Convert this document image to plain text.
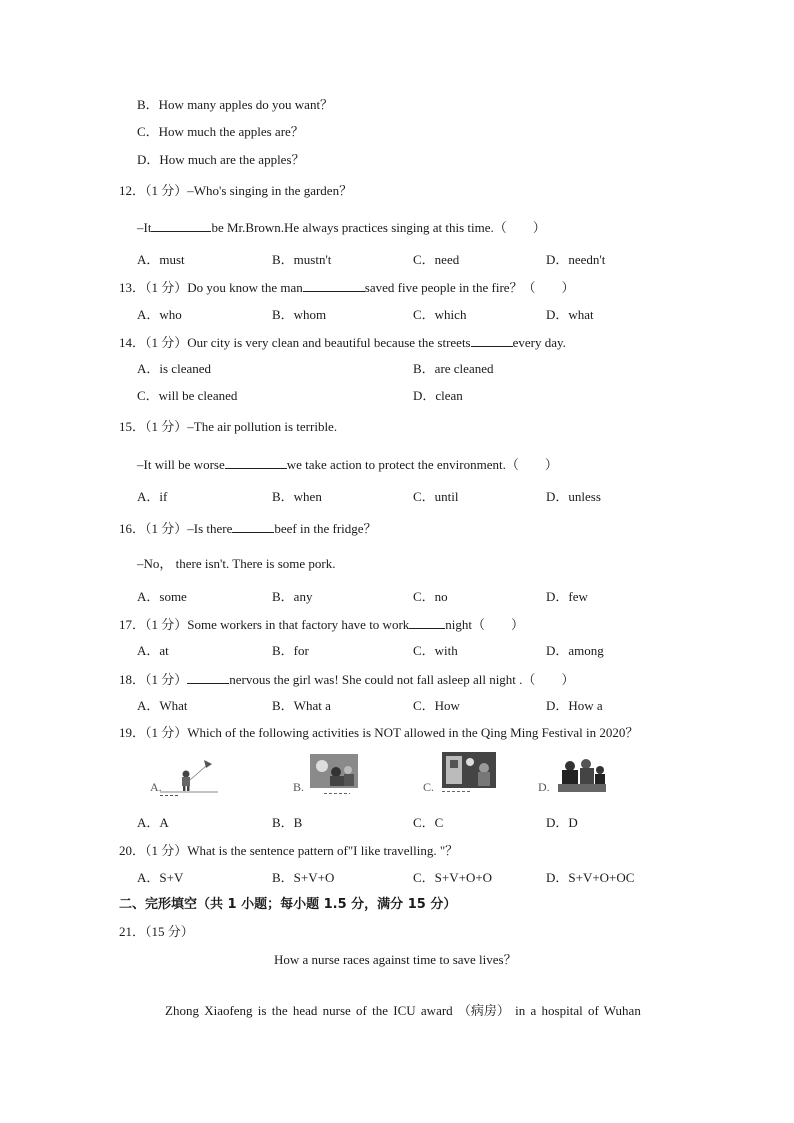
B．How many apples do you want？
C．How much the apples are？
D．How much are the apples？
12．（1 分）–Who's singing in the garden？
–It	be Mr.Brown.He always practices singing at this time.（　　）
A．must	B．mustn't	C．need	D．needn't
13．（1 分）Do you know the man	saved five people in the fire？（　　）
A．who	B．whom	C．which	D．what
14．（1 分）Our city is very clean and beautiful because the streets	every day.
A．is cleaned	B．are cleaned
C．will be cleaned	D．clean
15．（1 分）–The air pollution is terrible.
–It will be worse	we take action to protect the environment.（　　）
A．if	B．when	C．until	D．unless
16．（1 分）–Is there	beef in the fridge？
–No， there isn't. There is some pork.
A．some	B．any	C．no	D．few
17．（1 分）Some workers in that factory have to work	night（　　）
A．at	B．for	C．with	D．among
18．（1 分）	nervous the girl was! She could not fall asleep all night .（　　）
A．What	B．What a	C．How	D．How a
19．（1 分）Which of the following activities is NOT allowed in the Qing Ming Festival in 2020？
A.	B.	C.	D.
A．A	B．B	C．C	D．D
20．（1 分）What is the sentence pattern of"I like travelling. "？
A．S+V	B．S+V+O	C．S+V+O+O	D．S+V+O+OC
二、完形填空（共 1 小题；每小题 1.5 分，满分 15 分）
21．（15 分）
How a nurse races against time to save lives？
Zhong Xiaofeng is the head nurse of the ICU award （病房） in a hospital of Wuhan
